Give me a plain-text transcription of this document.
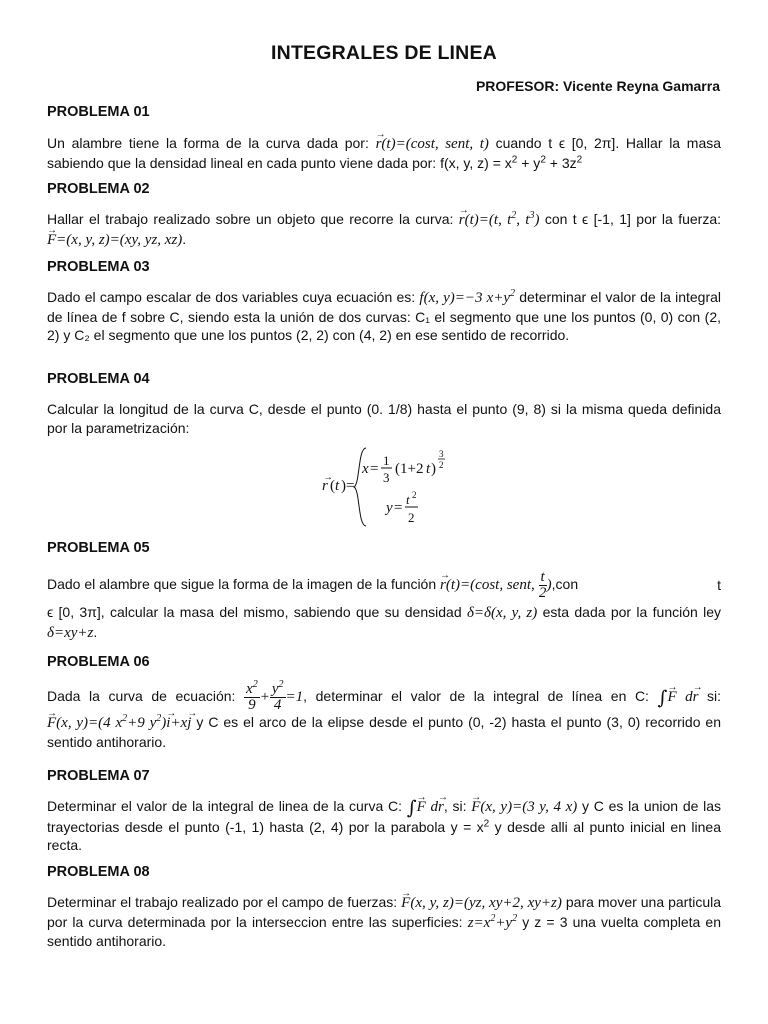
INTEGRALES DE LINEA
PROFESOR: Vicente Reyna Gamarra
PROBLEMA 01
Un alambre tiene la forma de la curva dada por: → r(t)=(cost, sent, t) cuando t ϵ [0, 2π]. Hallar la masa sabiendo que la densidad lineal en cada punto viene dada por: f(x, y, $z) = x^2 + y^2 + 3z^2$
PROBLEMA 02
Hallar el trabajo realizado sobre un objeto que recorre la curva: → r(t)=(t, $t^2$, $t^3$) con t ϵ [-1, 1] por la fuerza: → F=(x, y, z)=(xy, yz, xz).
PROBLEMA 03
Dado el campo escalar de dos variables cuya ecuación es: f(x, y)=−3 $x+y^2$ determinar el valor de la integral de línea de f sobre C, siendo esta la unión de dos curvas: C₁ el segmento que une los puntos (0, 0) con (2, 2) y C₂ el segmento que une los puntos (2, 2) con (4, 2) en ese sentido de recorrido.
PROBLEMA 04
Calcular la longitud de la curva C, desde el punto (0. 1/8) hasta el punto (9, 8) si la misma queda definida por la parametrización:
r
→
( t )=
x =
1
3
(1+2 t )
3
2
y =
t 2
2
PROBLEMA 05
Dado el alambre que sigue la forma de la imagen de la función → r(t)=(cost, sent, $\frac{t}{2} ),con$	t
ϵ [0, 3π], calcular la masa del mismo, sabiendo que su densidad δ=δ(x, y, z) esta dada por la función ley δ=xy+z.
PROBLEMA 06
Dada la curva de ecuación: $\frac{x^2}{9} + \frac{y^2}{4} =1$, determinar el valor de la integral de línea en C: ∫→ F d→ r si: → F(x, y)=(4 $x^2+9$ $y^2)\to i+x\to j$ y C es el arco de la elipse desde el punto (0, -2) hasta el punto (3, 0) recorrido en sentido antihorario.
PROBLEMA 07
Determinar el valor de la integral de linea de la curva C: ∫→ F d→ r, si: → F(x, y)=(3 y, 4 x) y C es la union de las trayectorias desde el punto (-1, 1) hasta (2, 4) por la parabola $y = x^2$ y desde alli al punto inicial en linea recta.
PROBLEMA 08
Determinar el trabajo realizado por el campo de fuerzas: → F(x, y, z)=(yz, xy+2, xy+z) para mover una particula por la curva determinada por la interseccion entre las superficies: $z=x^2+y^2$ y z = 3 una vuelta completa en sentido antihorario.
